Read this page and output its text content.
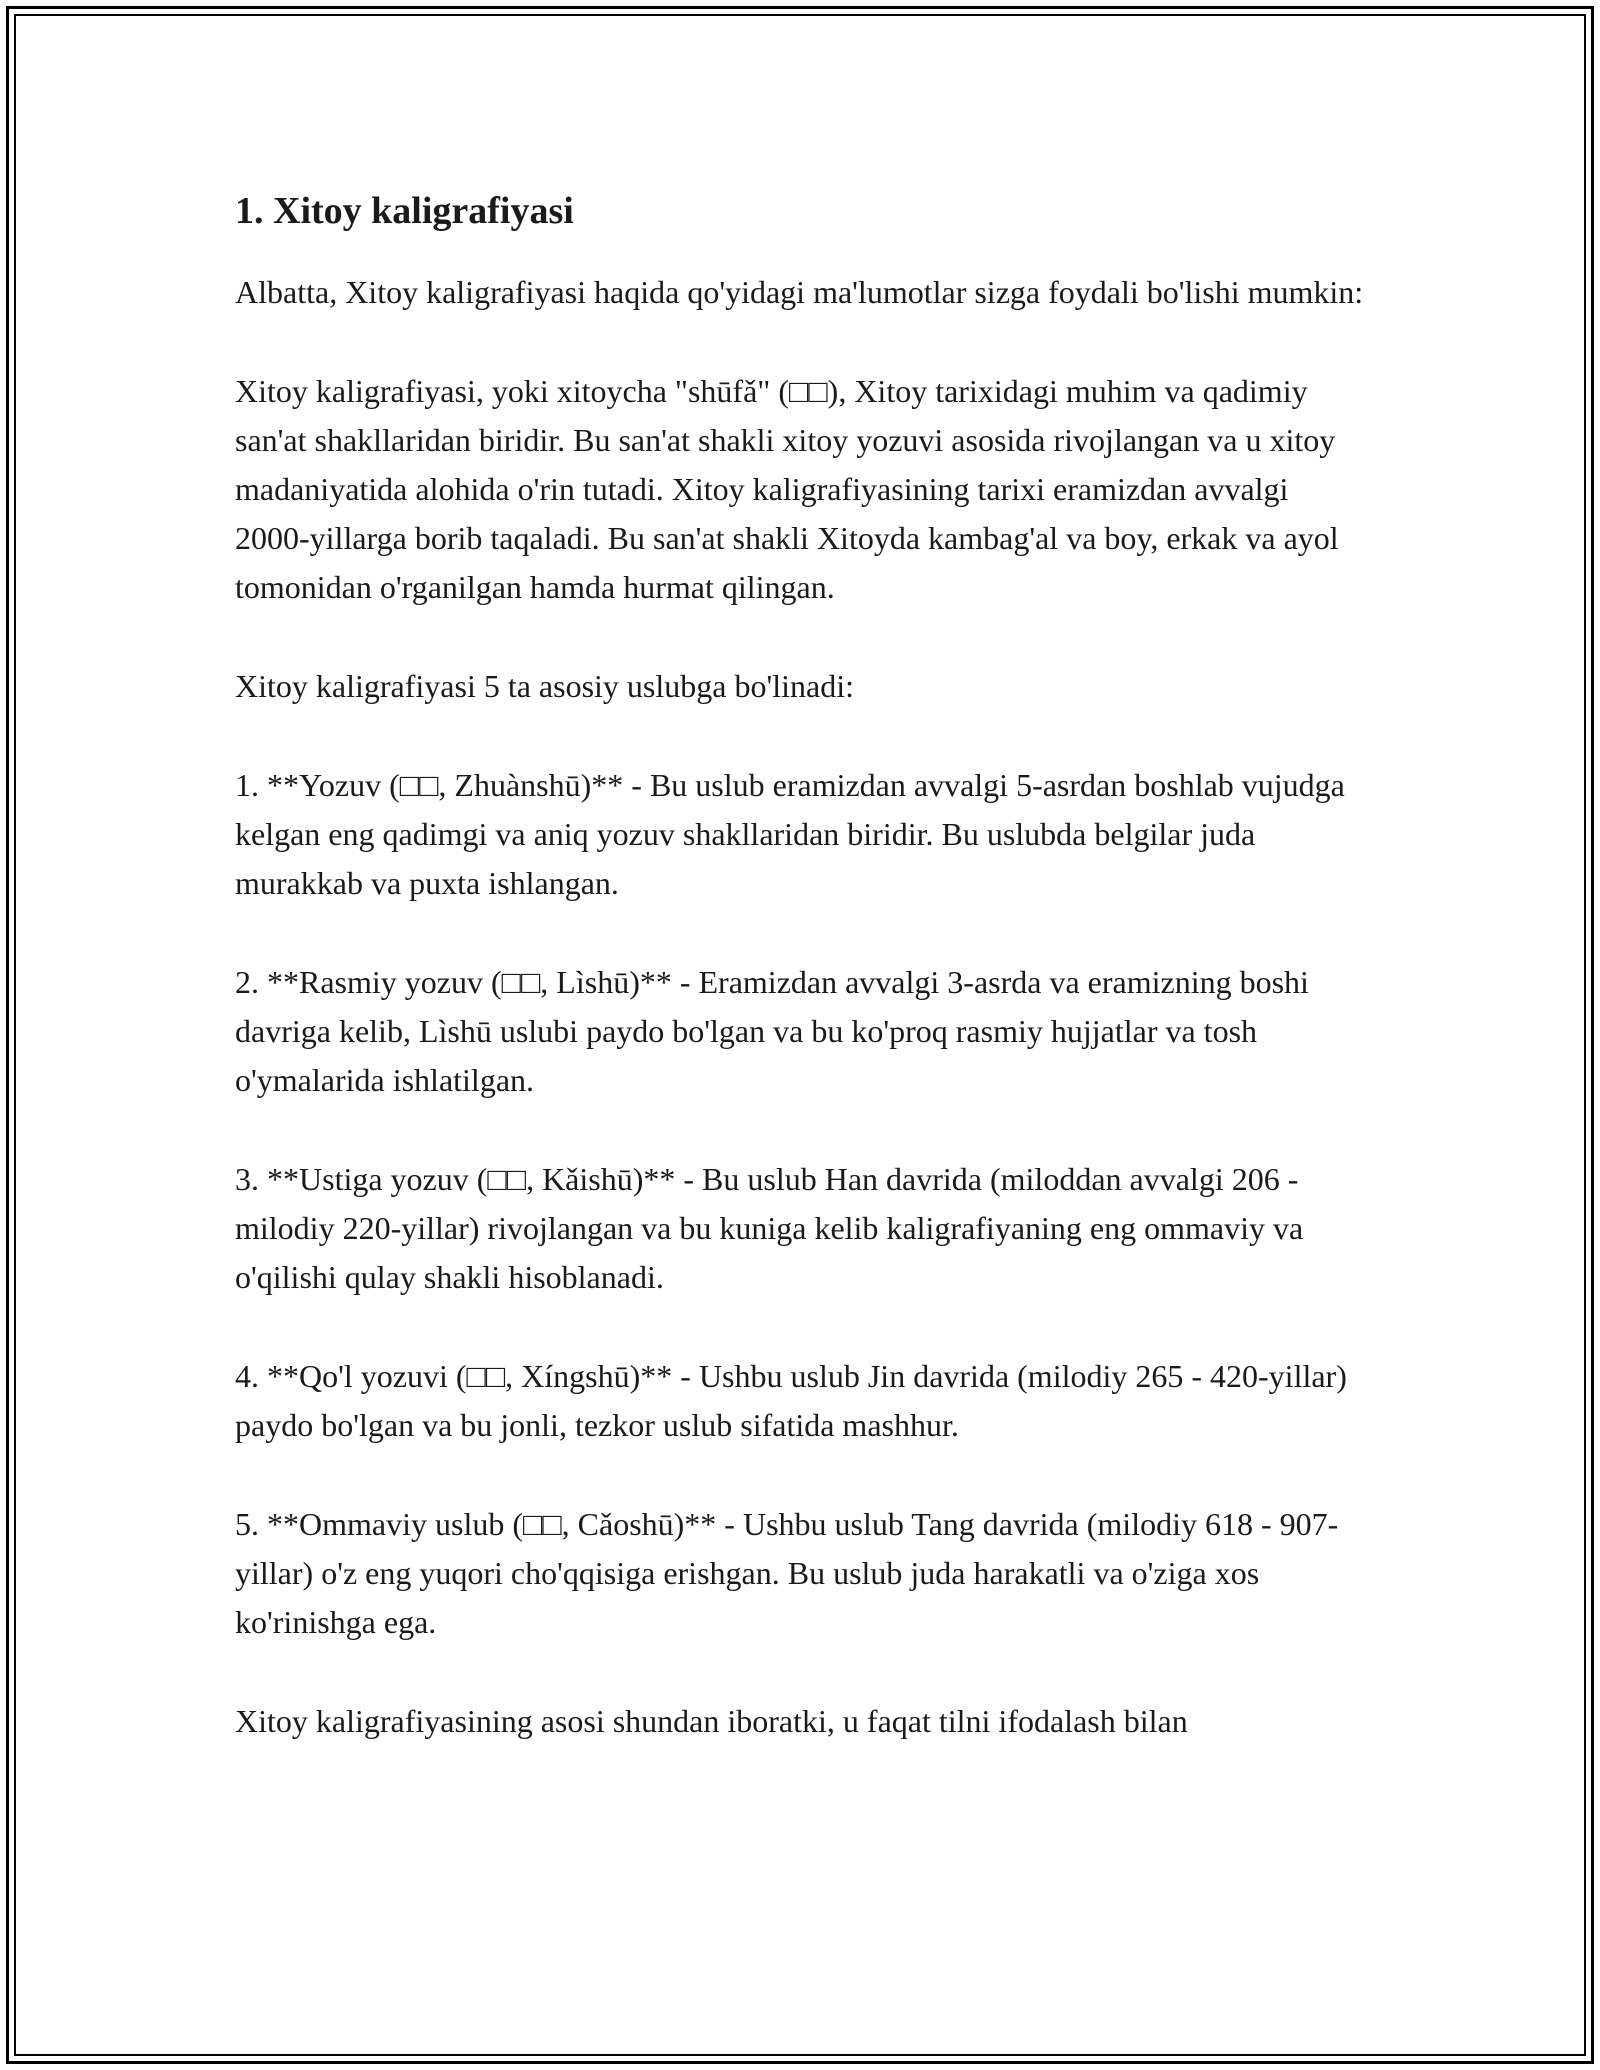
1. Xitoy kaligrafiyasi

Albatta, Xitoy kaligrafiyasi haqida qo'yidagi ma'lumotlar sizga foydali bo'lishi mumkin:

Xitoy kaligrafiyasi, yoki xitoycha "shūfǎ" (□□), Xitoy tarixidagi muhim va qadimiy san'at shakllaridan biridir. Bu san'at shakli xitoy yozuvi asosida rivojlangan va u xitoy madaniyatida alohida o'rin tutadi. Xitoy kaligrafiyasining tarixi eramizdan avvalgi 2000-yillarga borib taqaladi. Bu san'at shakli Xitoyda kambag'al va boy, erkak va ayol tomonidan o'rganilgan hamda hurmat qilingan.

Xitoy kaligrafiyasi 5 ta asosiy uslubga bo'linadi:

1. **Yozuv (□□, Zhuànshū)** - Bu uslub eramizdan avvalgi 5-asrdan boshlab vujudga kelgan eng qadimgi va aniq yozuv shakllaridan biridir. Bu uslubda belgilar juda murakkab va puxta ishlangan.

2. **Rasmiy yozuv (□□, Lìshū)** - Eramizdan avvalgi 3-asrda va eramizning boshi davriga kelib, Lìshū uslubi paydo bo'lgan va bu ko'proq rasmiy hujjatlar va tosh o'ymalarida ishlatilgan.

3. **Ustiga yozuv (□□, Kǎishū)** - Bu uslub Han davrida (miloddan avvalgi 206 - milodiy 220-yillar) rivojlangan va bu kuniga kelib kaligrafiyaning eng ommaviy va o'qilishi qulay shakli hisoblanadi.

4. **Qo'l yozuvi (□□, Xíngshū)** - Ushbu uslub Jin davrida (milodiy 265 - 420-yillar) paydo bo'lgan va bu jonli, tezkor uslub sifatida mashhur.

5. **Ommaviy uslub (□□, Cǎoshū)** - Ushbu uslub Tang davrida (milodiy 618 - 907-yillar) o'z eng yuqori cho'qqisiga erishgan. Bu uslub juda harakatli va o'ziga xos ko'rinishga ega.

Xitoy kaligrafiyasining asosi shundan iboratki, u faqat tilni ifodalash bilan
